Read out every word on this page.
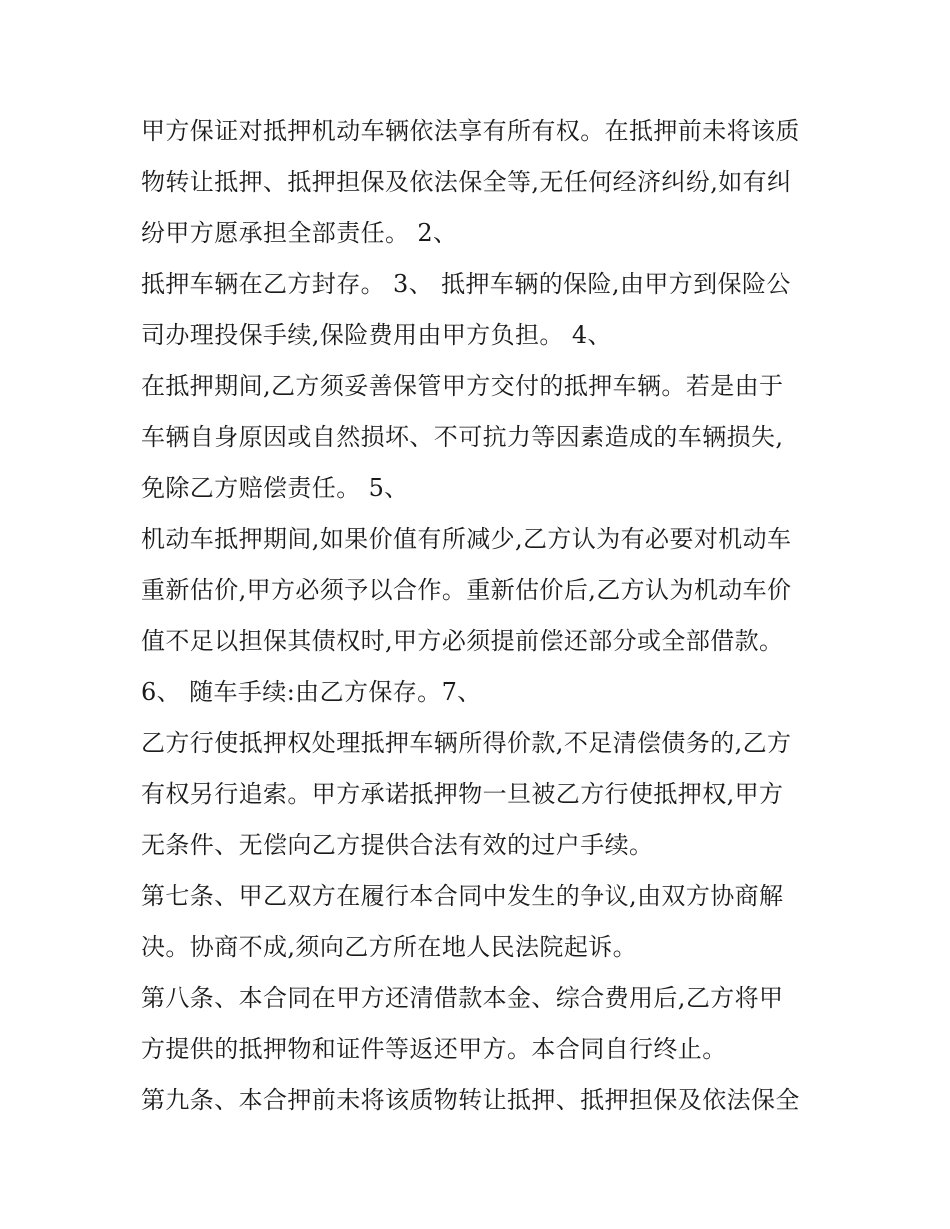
甲方保证对抵押机动车辆依法享有所有权。在抵押前未将该质
物转让抵押、抵押担保及依法保全等,无任何经济纠纷,如有纠
纷甲方愿承担全部责任。 2、
抵押车辆在乙方封存。 3、 抵押车辆的保险,由甲方到保险公
司办理投保手续,保险费用由甲方负担。 4、
在抵押期间,乙方须妥善保管甲方交付的抵押车辆。若是由于
车辆自身原因或自然损坏、不可抗力等因素造成的车辆损失,
免除乙方赔偿责任。 5、
机动车抵押期间,如果价值有所减少,乙方认为有必要对机动车
重新估价,甲方必须予以合作。重新估价后,乙方认为机动车价
值不足以担保其债权时,甲方必须提前偿还部分或全部借款。
6、 随车手续:由乙方保存。7、
乙方行使抵押权处理抵押车辆所得价款,不足清偿债务的,乙方
有权另行追索。甲方承诺抵押物一旦被乙方行使抵押权,甲方
无条件、无偿向乙方提供合法有效的过户手续。
第七条、甲乙双方在履行本合同中发生的争议,由双方协商解
决。协商不成,须向乙方所在地人民法院起诉。
第八条、本合同在甲方还清借款本金、综合费用后,乙方将甲
方提供的抵押物和证件等返还甲方。本合同自行终止。
第九条、本合押前未将该质物转让抵押、抵押担保及依法保全
